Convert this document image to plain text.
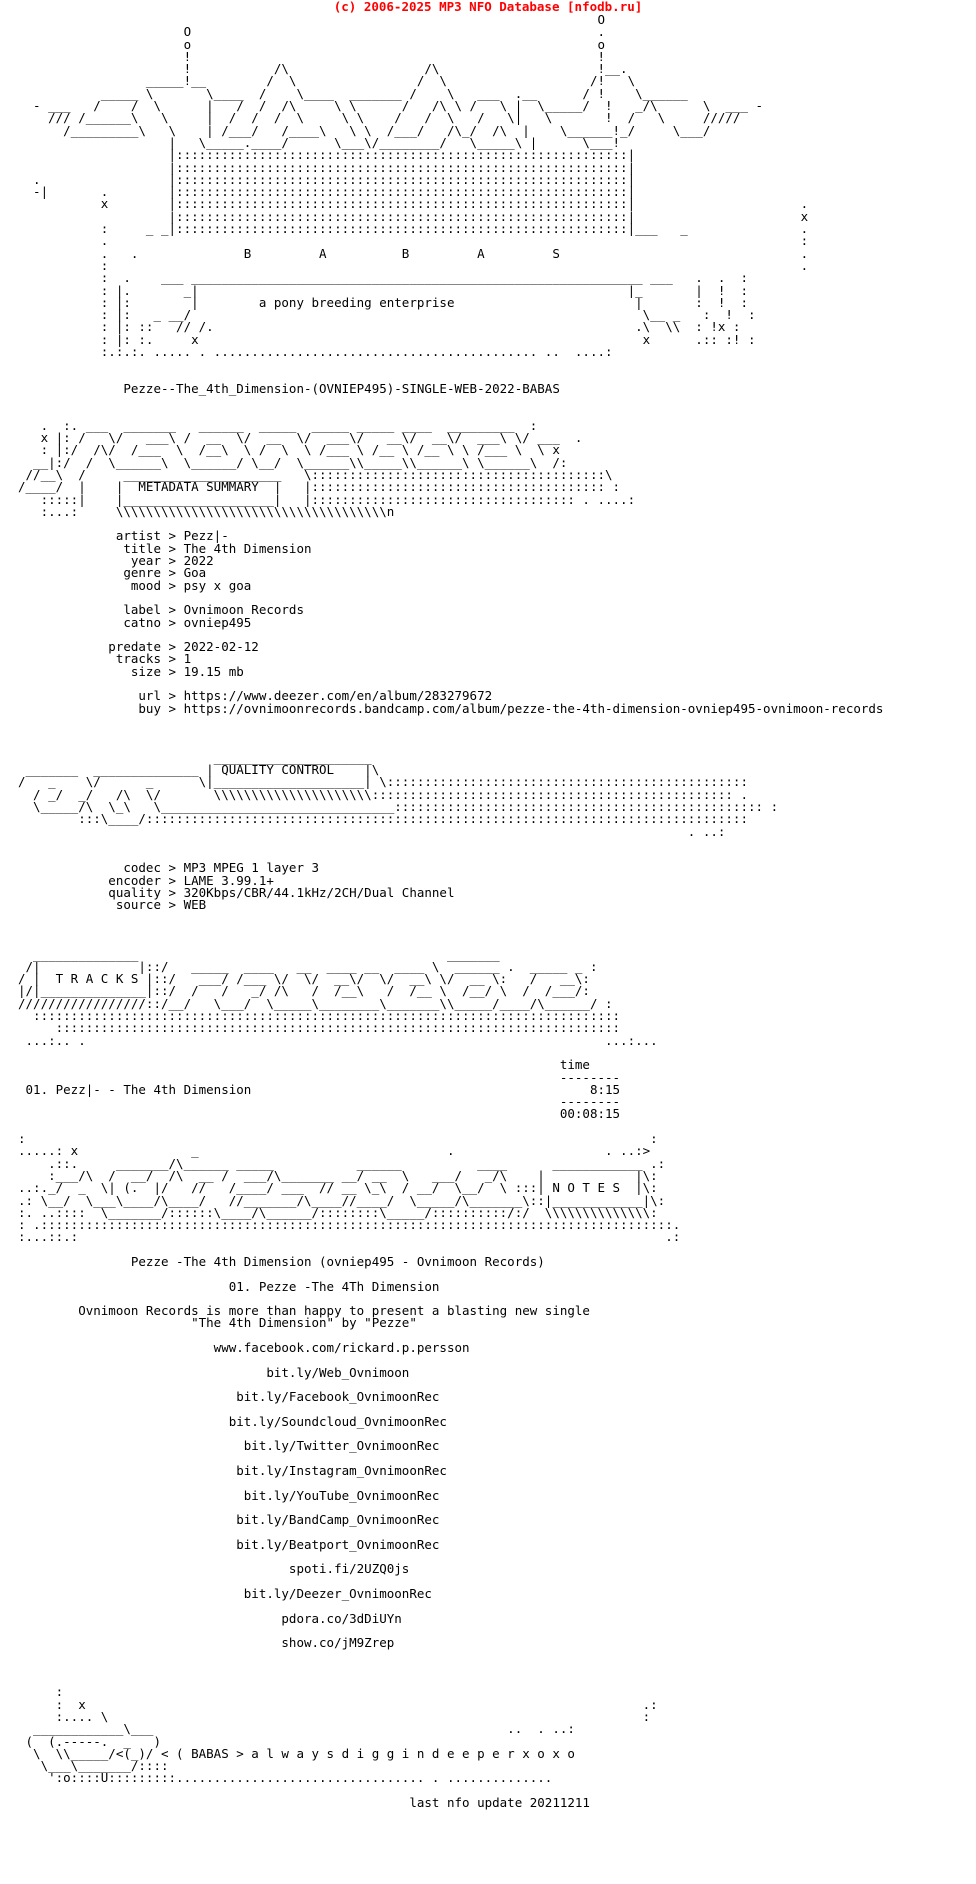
(c) 2006-2025 MP3 NFO Database [nfodb.ru]
O
O                                                      .
o                                                      o
!                                                      !
!           /\                  /\                     !__.
_____!__        /  \                /  \                   /!   \
_____ \       \____  /    \____  _______ /    \   ___  .__      / !    \______
- ___   /    /  \      |   /  /  /\     \ \      /   /\ \ /   \ |  \_____/  !   _/\      \  ___ -
/// /______\   \     |  /  /  /  \     \ \    /   /  \   /   \|   \       !  /   \     /////
/_________\   \    | /___/   /____\   \ \  /___/   /\_/  /\  |    \______!_/     \___/
|   \_____.____/      \___\/________/   \_____\ |      \___!
|::::::::::::::::::::::::::::::::::::::::::::::::::::::::::::|
|::::::::::::::::::::::::::::::::::::::::::::::::::::::::::::|
.                 |::::::::::::::::::::::::::::::::::::::::::::::::::::::::::::|
-|       .        |::::::::::::::::::::::::::::::::::::::::::::::::::::::::::::|
x        |::::::::::::::::::::::::::::::::::::::::::::::::::::::::::::|                      .
|::::::::::::::::::::::::::::::::::::::::::::::::::::::::::::|                      x
:     _ _|::::::::::::::::::::::::::::::::::::::::::::::::::::::::::::|___   _               .
.                                                                                            :
.   .              B         A          B         A         S                                .
:                                                                                            .
:  .    ___ ____________________________________________________________ ___   .  .  :
: |.       _|                                                         |_       |  !  :
: |:        |        a pony breeding enterprise                        |       :  !  :
: |:   _ __/                                                            \__ _   :  !  :
: |: ::   // /.                                                        .\  \\  : !x :
: |: :.     x                                                           x      .:: :! :
:.:.:. ..... . ........................................... ..  ....:

Pezze--The_4th_Dimension-(OVNIEP495)-SINGLE-WEB-2022-BABAS

.  :. ___  _______   ______  _____  _____ _____ ____  _________  :
x |: /   \/   ___\ /  __  \/  __  \/  ___\/   __\/  __\/  ___\ \/ ___  .
: |:/  /\/  /___  \  /__\  \ /  \  \ /___ \ /__ \ /__ \ \ /___ \  \ x
__|:/  /  \______\  \______/ \__/  \______\\_____\\______\ \______\  /:
//__\  /     _____________________   \:::::::::::::::::::::::::::::::::::::::\
/____/  |    |  METADATA SUMMARY  |   |::::::::::::::::::::::::::::::::::::::: :
:::::|    |____________________|   |::::::::::::::::::::::::::::::::::: . ....:
:...:     \\\\\\\\\\\\\\\\\\\\\\\\\\\\\\\\\\\\n

artist > Pezz|-
title > The 4th Dimension
year > 2022
genre > Goa
mood > psy x goa

label > Ovnimoon Records
catno > ovniep495

predate > 2022-02-12
tracks > 1
size > 19.15 mb

url > https://www.deezer.com/en/album/283279672
buy > https://ovnimoonrecords.bandcamp.com/album/pezze-the-4th-dimension-ovniep495-ovnimoon-records

_____________________
_______  ______________ | QUALITY CONTROL    |\
/   _    \/      _      \|____________________| \::::::::::::::::::::::::::::::::::::::::::::::::
/ _/  _/   /\  \/       \\\\\\\\\\\\\\\\\\\\\:::::::::::::::::::::::::::::::::::::::::::::::: .
\_____/\  \_\   \_______________________________::::::::::::::::::::::::::::::::::::::::::::::::: :
:::\____/::::::::::::::::::::::::::::::::::::::::::::::::::::::::::::::::::::::::::::::::
. ..:

codec > MP3 MPEG 1 layer 3
encoder > LAME 3.99.1+
quality > 320Kbps/CBR/44.1kHz/2CH/Dual Channel
source > WEB

______________                                         _______
/|             |::/   _____  ____   __  ____ __  ____ \  ______ .  _____ _ :
/ |  T R A C K S |::/   ___/ /___ \/  \/  __\/  \/  __\ \/  __ \:   /   __\:
|/|______________|::/  /   /   _/ /\   /  /__\   /  /__ \  /__/ \  /  /___/:
/////////////////::/__/   \___/  \_____\________\_______\\_____/____/\______/ :
::::::::::::::::::::::::::::::::::::::::::::::::::::::::::::::::::::::::::::::
:::::::::::::::::::::::::::::::::::::::::::::::::::::::::::::::::::::::::::
...:.. .                                                                     ...:...

time
--------
01. Pezz|- - The 4th Dimension                                             8:15
--------
00:08:15

:                                                                                   :
.....: x               _                                 .                    . ..:>
.::.     _______/\______ _____           ______          ____      ____________ .:
:___/\  /  __/  /\  __ /  ___/\_______ __/ __  \   ___/   _/\    |            |\:
..:._/  _  \| (.  |/   //   /____/ ___  // __ \_\  / __/  \__/  \ :::| N O T E S  |\:
.: \__/  \___\____/\____/   //_______/\____//____/  \_____/\_______\::|____________|\:
:. ..::::  \_______/::::::\____/\______/::::::::\_____/::::::::::/:/  \\\\\\\\\\\\\\:
: .::::::::::::::::::::::::::::::::::::::::::::::::::::::::::::::::::::::::::::::::::::.
:...::.:                                                                              .:

Pezze -The 4th Dimension (ovniep495 - Ovnimoon Records)

01. Pezze -The 4Th Dimension

Ovnimoon Records is more than happy to present a blasting new single
"The 4th Dimension" by "Pezze"

www.facebook.com/rickard.p.persson

bit.ly/Web_Ovnimoon

bit.ly/Facebook_OvnimoonRec

bit.ly/Soundcloud_OvnimoonRec

bit.ly/Twitter_OvnimoonRec

bit.ly/Instagram_OvnimoonRec

bit.ly/YouTube_OvnimoonRec

bit.ly/BandCamp_OvnimoonRec

bit.ly/Beatport_OvnimoonRec

spoti.fi/2UZQ0js

bit.ly/Deezer_OvnimoonRec

pdora.co/3dDiUYn

show.co/jM9Zrep

:
:  x                                                                          .:
:.... \                                                                       :
____________\___                                               ..  . ..:
(  (.-----.  _   )
\  \\_____/<(_)/ < ( BABAS > a l w a y s d i g g i n d e e p e r x o x o
\___\_______/::::
':o::::U:::::::::................................. . ..............

last nfo update 20211211
